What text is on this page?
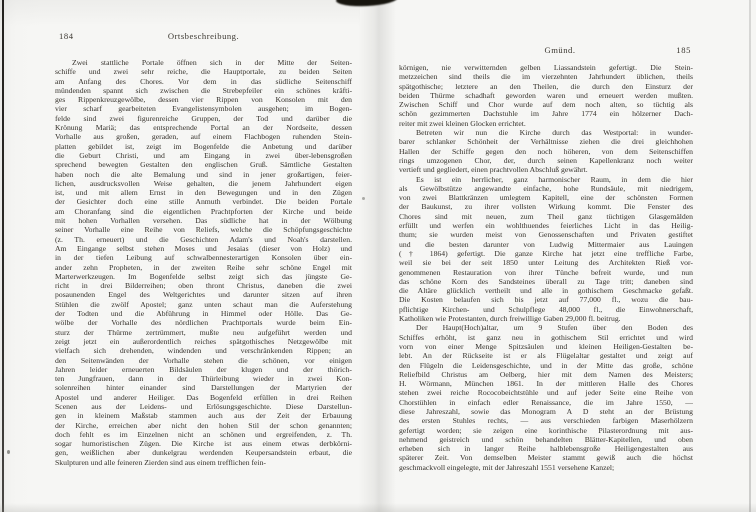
184	Ortsbeschreibung.
Zwei stattliche Portale öffnen sich in der Mitte der Seiten-
schiffe und zwei sehr reiche, die Hauptportale, zu beiden Seiten
am Anfang des Chores. Vor dem in das südliche Seitenschiff
mündenden spannt sich zwischen die Strebepfeiler ein schönes kräfti-
ges Rippenkreuzgewölbe, dessen vier Rippen von Konsolen mit den
vier scharf gearbeiteten Evangelistensymbolen ausgehen; im Bogen-
felde sind zwei figurenreiche Gruppen, der Tod und darüber die
Krönung Mariä; das entsprechende Portal an der Nordseite, dessen
Vorhalle aus großen, geraden, auf einem Flachbogen ruhenden Stein-
platten gebildet ist, zeigt im Bogenfelde die Anbetung und darüber
die Geburt Christi, und am Eingang in zwei über-lebensgroßen
sprechend bewegten Gestalten den englischen Gruß. Sämtliche Gestalten
haben noch die alte Bemalung und sind in jener großartigen, feier-
lichen, ausdrucksvollen Weise gehalten, die jenem Jahrhundert eigen
ist, und mit allem Ernst in den Bewegungen und in den Zügen
der Gesichter doch eine stille Anmuth verbindet. Die beiden Portale
am Choranfang sind die eigentlichen Prachtpforten der Kirche und beide
mit hohen Vorhallen versehen. Das südliche hat in der Wölbung
seiner Vorhalle eine Reihe von Reliefs, welche die Schöpfungsgeschichte
(z. Th. erneuert) und die Geschichten Adam's und Noah's darstellen.
Am Eingange selbst stehen Moses und Jesaias (dieser von Holz) und
in der tiefen Leibung auf schwalbennesterartigen Konsolen über ein-
ander zehn Propheten, in der zweiten Reihe sehr schöne Engel mit
Marterwerkzeugen. Im Bogenfelde selbst zeigt sich das jüngste Ge-
richt in drei Bilderreihen; oben thront Christus, daneben die zwei
posaunenden Engel des Weltgerichtes und darunter sitzen auf ihren
Stühlen die zwölf Apostel; ganz unten schaut man die Auferstehung
der Todten und die Abführung in Himmel oder Hölle. Das Ge-
wölbe der Vorhalle des nördlichen Prachtportals wurde beim Ein-
sturz der Thürme zertrümmert, mußte neu aufgeführt werden und
zeigt jetzt ein außerordentlich reiches spätgothisches Netzgewölbe mit
vielfach sich drehenden, windenden und verschränkenden Rippen; an
den Seitenwänden der Vorhalle stehen die schönen, vor einigen
Jahren leider erneuerten Bildsäulen der klugen und der thörich-
ten Jungfrauen, dann in der Thürleibung wieder in zwei Kon-
solenreihen hinter einander sind Darstellungen der Martyrien der
Apostel und anderer Heiliger. Das Bogenfeld erfüllen in drei Reihen
Scenen aus der Leidens- und Erlösungsgeschichte. Diese Darstellun-
gen in kleinem Maßstab stammen auch aus der Zeit der Erbauung
der Kirche, erreichen aber nicht den hohen Stil der schon genannten;
doch fehlt es im Einzelnen nicht an schönen und ergreifenden, z. Th.
sogar humoristischen Zügen. Die Kirche ist aus einem etwas derbkörni-
gen, weißlichen aber dunkelgrau werdenden Keupersandstein erbaut, die
Skulpturen und alle feineren Zierden sind aus einem trefflichen fein-
Gmünd.	185
körnigen, nie verwitternden gelben Liassandstein gefertigt. Die Stein-
metzzeichen sind theils die im vierzehnten Jahrhundert üblichen, theils
spätgothische; letztere an den Theilen, die durch den Einsturz der
beiden Thürme schadhaft geworden waren und erneuert werden mußten.
Zwischen Schiff und Chor wurde auf dem noch alten, so tüchtig als
schön gezimmerten Dachstuhle im Jahre 1774 ein hölzerner Dach-
reiter mit zwei kleinen Glocken errichtet.
Betreten wir nun die Kirche durch das Westportal: in wunder-
barer schlanker Schönheit der Verhältnisse ziehen die drei gleichhohen
Hallen der Schiffe gegen den noch höheren, von dem Seitenschiffen
rings umzogenen Chor, der, durch seinen Kapellenkranz noch weiter
vertieft und gegliedert, einen prachtvollen Abschluß gewährt.
Es ist ein herrlicher, ganz harmonischer Raum, in dem die hier
als Gewölbstütze angewandte einfache, hohe Rundsäule, mit niedrigem,
von zwei Blattkränzen umlegtem Kapitell, eine der schönsten Formen
der Baukunst, zu ihrer vollsten Wirkung kommt. Die Fenster des
Chores sind mit neuen, zum Theil ganz tüchtigen Glasgemälden
erfüllt und werfen ein wohlthuendes feierliches Licht in das Heilig-
thum; sie wurden meist von Genossenschaften und Privaten gestiftet
und die besten darunter von Ludwig Mittermaier aus Lauingen
(† 1864) gefertigt. Die ganze Kirche hat jetzt eine treffliche Farbe,
weil sie bei der seit 1850 unter Leitung des Architekten Rieß vor-
genommenen Restauration von ihrer Tünche befreit wurde, und nun
das schöne Korn des Sandsteines überall zu Tage tritt; daneben sind
die Altäre glücklich vertheilt und alle in gothischem Geschmacke gefaßt.
Die Kosten belaufen sich bis jetzt auf 77,000 fl., wozu die bau-
pflichtige Kirchen- und Schulpflege 48,000 fl., die Einwohnerschaft,
Katholiken wie Protestanten, durch freiwillige Gaben 29,000 fl. beitrug.
Der Haupt(Hoch)altar, um 9 Stufen über den Boden des
Schiffes erhöht, ist ganz neu in gothischem Stil errichtet und wird
vorn von einer Menge Spitzsäulen und kleinen Heiligen-Gestalten be-
lebt. An der Rückseite ist er als Flügelaltar gestaltet und zeigt auf
den Flügeln die Leidensgeschichte, und in der Mitte das große, schöne
Reliefbild Christus am Oelberg, hier mit dem Namen des Meisters;
H. Wörmann, München 1861. In der mittleren Halle des Chores
stehen zwei reiche Rococobeichtstühle und auf jeder Seite eine Reihe von
Chorstühlen in einfach edler Renaissance, die im Jahre 1550, —
diese Jahreszahl, sowie das Monogram A D steht an der Brüstung
des ersten Stuhles rechts, — aus verschieden farbigen Maserhölzern
gefertigt worden; sie zeigen eine korinthische Pilasterordnung mit aus-
nehmend geistreich und schön behandelten Blätter-Kapitellen, und oben
erheben sich in langer Reihe halblebensgroße Heiligengestalten aus
späterer Zeit. Von demselben Meister stammt gewiß auch die höchst
geschmackvoll eingelegte, mit der Jahreszahl 1551 versehene Kanzel;
